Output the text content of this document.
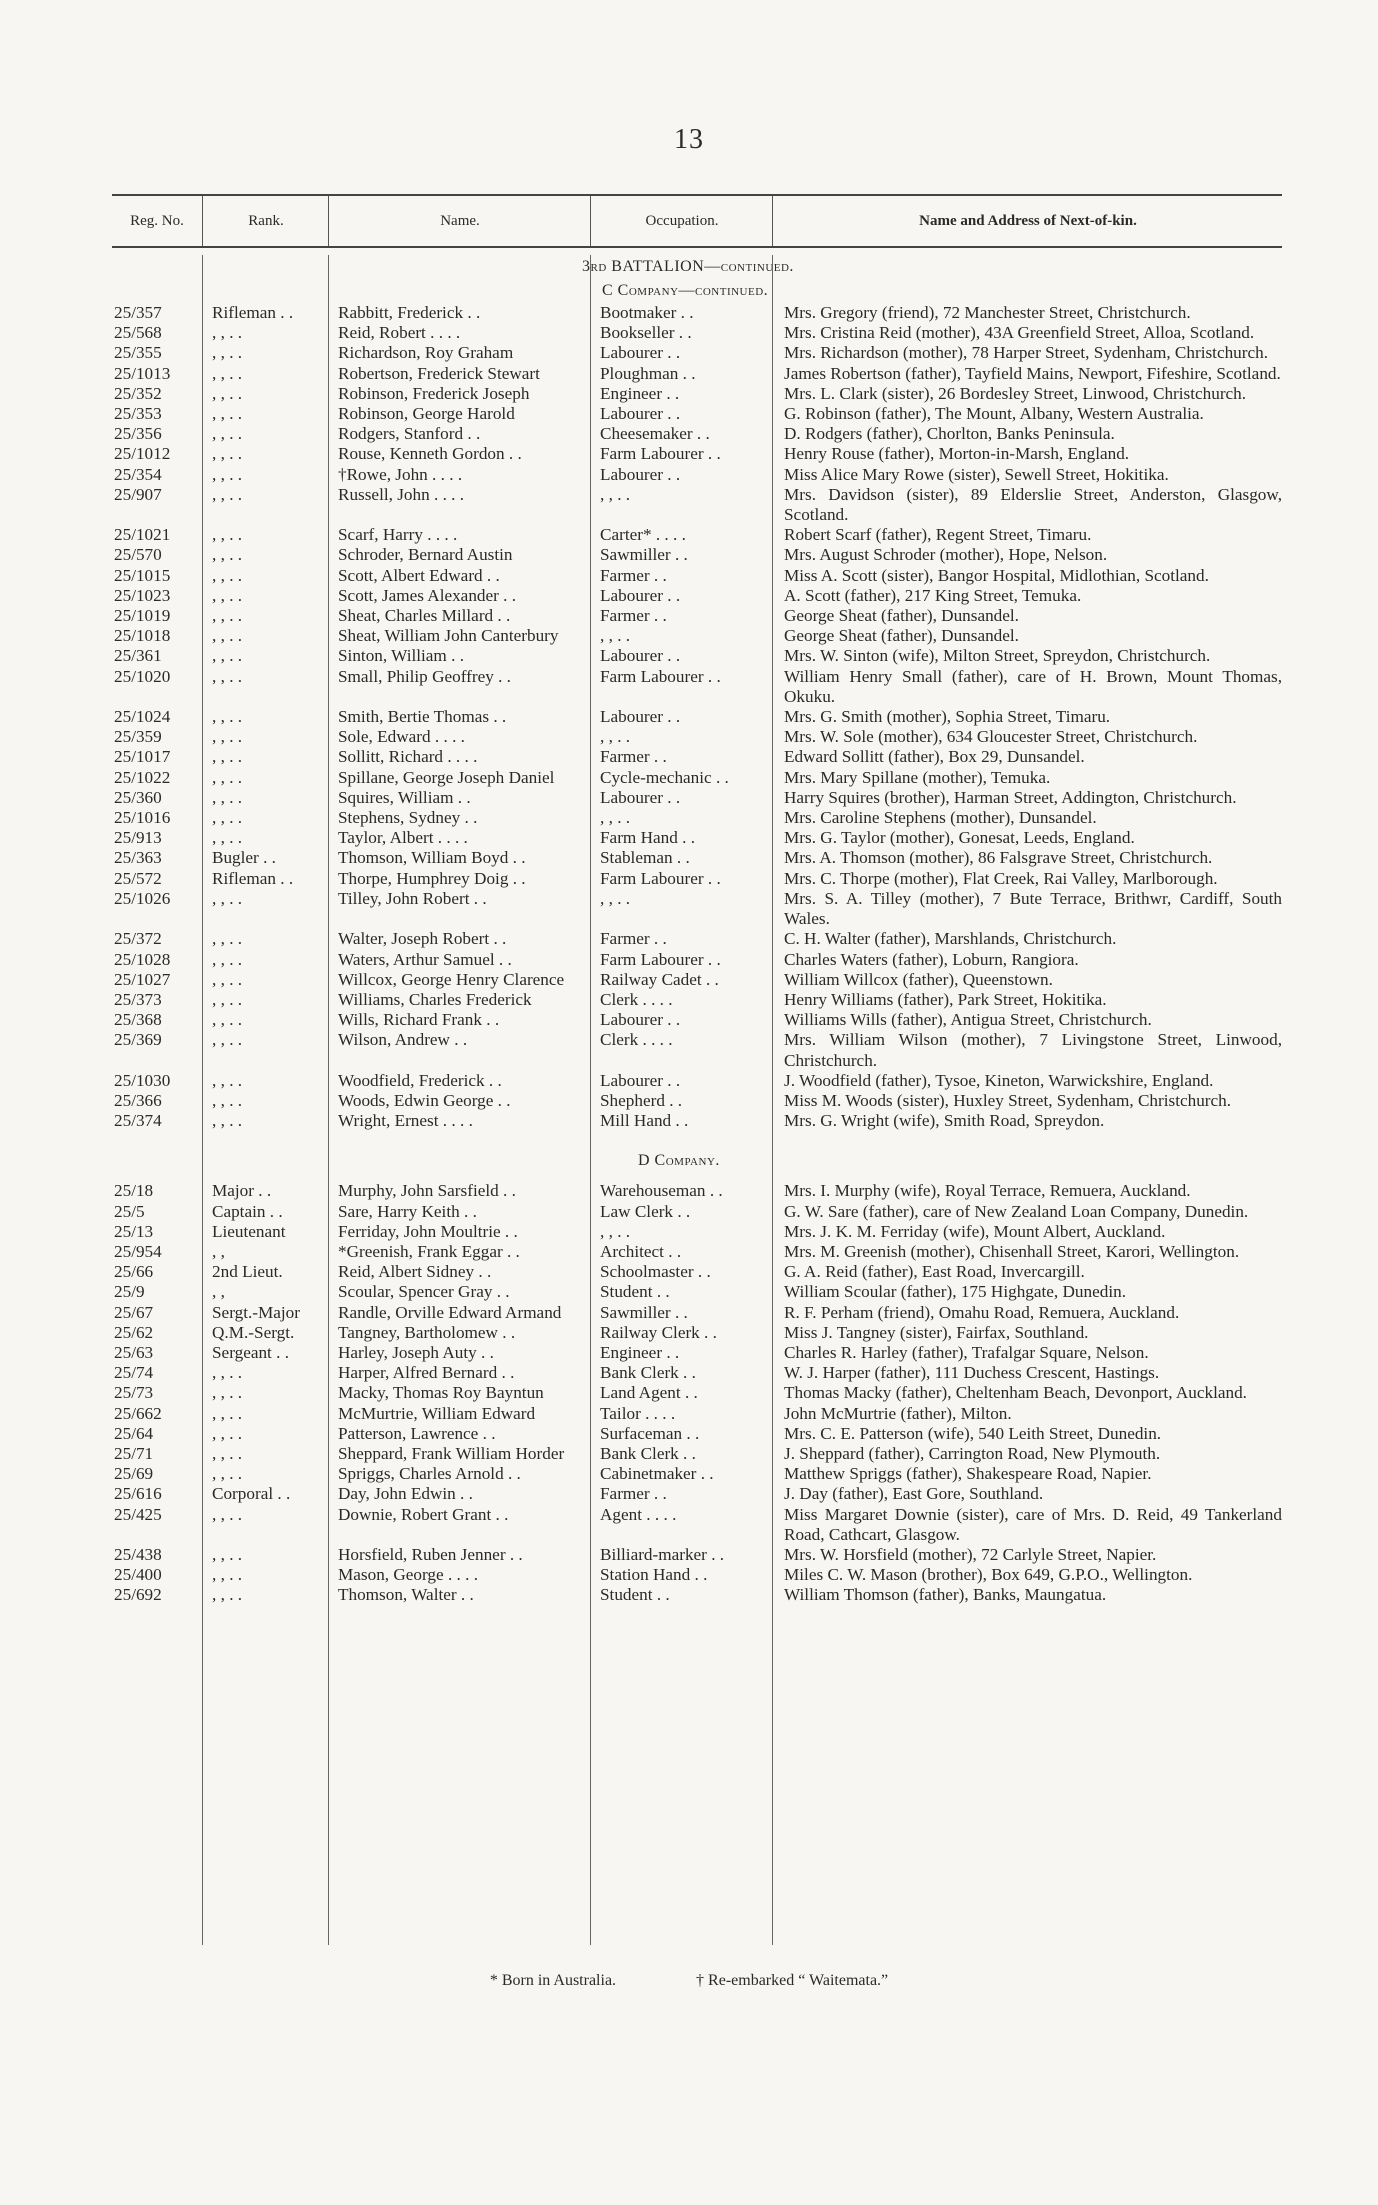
13
Reg. No.	Rank.	Name.	Occupation.	Name and Address of Next-of-kin.
3rd BATTALION—continued.
C Company—continued.
25/357	Rifleman . .	Rabbitt, Frederick . .	Bootmaker . .	Mrs. Gregory (friend), 72 Manchester Street, Christchurch.
25/568	, , . .	Reid, Robert . . . .	Bookseller . .	Mrs. Cristina Reid (mother), 43A Greenfield Street, Alloa, Scotland.
25/355	, , . .	Richardson, Roy Graham	Labourer . .	Mrs. Richardson (mother), 78 Harper Street, Sydenham, Christchurch.
25/1013	, , . .	Robertson, Frederick Stewart	Ploughman . .	James Robertson (father), Tayfield Mains, Newport, Fifeshire, Scotland.
25/352	, , . .	Robinson, Frederick Joseph	Engineer . .	Mrs. L. Clark (sister), 26 Bordesley Street, Linwood, Christchurch.
25/353	, , . .	Robinson, George Harold	Labourer . .	G. Robinson (father), The Mount, Albany, Western Australia.
25/356	, , . .	Rodgers, Stanford . .	Cheesemaker . .	D. Rodgers (father), Chorlton, Banks Peninsula.
25/1012	, , . .	Rouse, Kenneth Gordon . .	Farm Labourer . .	Henry Rouse (father), Morton-in-Marsh, England.
25/354	, , . .	†Rowe, John . . . .	Labourer . .	Miss Alice Mary Rowe (sister), Sewell Street, Hokitika.
25/907	, , . .	Russell, John . . . .	, , . .	Mrs. Davidson (sister), 89 Elderslie Street, Anderston, Glasgow, Scotland.
25/1021	, , . .	Scarf, Harry . . . .	Carter* . . . .	Robert Scarf (father), Regent Street, Timaru.
25/570	, , . .	Schroder, Bernard Austin	Sawmiller . .	Mrs. August Schroder (mother), Hope, Nelson.
25/1015	, , . .	Scott, Albert Edward . .	Farmer . .	Miss A. Scott (sister), Bangor Hospital, Midlothian, Scotland.
25/1023	, , . .	Scott, James Alexander . .	Labourer . .	A. Scott (father), 217 King Street, Temuka.
25/1019	, , . .	Sheat, Charles Millard . .	Farmer . .	George Sheat (father), Dunsandel.
25/1018	, , . .	Sheat, William John Canterbury	, , . .	George Sheat (father), Dunsandel.
25/361	, , . .	Sinton, William . .	Labourer . .	Mrs. W. Sinton (wife), Milton Street, Spreydon, Christchurch.
25/1020	, , . .	Small, Philip Geoffrey . .	Farm Labourer . .	William Henry Small (father), care of H. Brown, Mount Thomas, Okuku.
25/1024	, , . .	Smith, Bertie Thomas . .	Labourer . .	Mrs. G. Smith (mother), Sophia Street, Timaru.
25/359	, , . .	Sole, Edward . . . .	, , . .	Mrs. W. Sole (mother), 634 Gloucester Street, Christchurch.
25/1017	, , . .	Sollitt, Richard . . . .	Farmer . .	Edward Sollitt (father), Box 29, Dunsandel.
25/1022	, , . .	Spillane, George Joseph Daniel	Cycle-mechanic . .	Mrs. Mary Spillane (mother), Temuka.
25/360	, , . .	Squires, William . .	Labourer . .	Harry Squires (brother), Harman Street, Addington, Christchurch.
25/1016	, , . .	Stephens, Sydney . .	, , . .	Mrs. Caroline Stephens (mother), Dunsandel.
25/913	, , . .	Taylor, Albert . . . .	Farm Hand . .	Mrs. G. Taylor (mother), Gonesat, Leeds, England.
25/363	Bugler . .	Thomson, William Boyd . .	Stableman . .	Mrs. A. Thomson (mother), 86 Falsgrave Street, Christchurch.
25/572	Rifleman . .	Thorpe, Humphrey Doig . .	Farm Labourer . .	Mrs. C. Thorpe (mother), Flat Creek, Rai Valley, Marlborough.
25/1026	, , . .	Tilley, John Robert . .	, , . .	Mrs. S. A. Tilley (mother), 7 Bute Terrace, Brithwr, Cardiff, South Wales.
25/372	, , . .	Walter, Joseph Robert . .	Farmer . .	C. H. Walter (father), Marshlands, Christchurch.
25/1028	, , . .	Waters, Arthur Samuel . .	Farm Labourer . .	Charles Waters (father), Loburn, Rangiora.
25/1027	, , . .	Willcox, George Henry Clarence	Railway Cadet . .	William Willcox (father), Queenstown.
25/373	, , . .	Williams, Charles Frederick	Clerk . . . .	Henry Williams (father), Park Street, Hokitika.
25/368	, , . .	Wills, Richard Frank . .	Labourer . .	Williams Wills (father), Antigua Street, Christchurch.
25/369	, , . .	Wilson, Andrew . .	Clerk . . . .	Mrs. William Wilson (mother), 7 Livingstone Street, Linwood, Christchurch.
25/1030	, , . .	Woodfield, Frederick . .	Labourer . .	J. Woodfield (father), Tysoe, Kineton, Warwickshire, England.
25/366	, , . .	Woods, Edwin George . .	Shepherd . .	Miss M. Woods (sister), Huxley Street, Sydenham, Christchurch.
25/374	, , . .	Wright, Ernest . . . .	Mill Hand . .	Mrs. G. Wright (wife), Smith Road, Spreydon.
D Company.
25/18	Major . .	Murphy, John Sarsfield . .	Warehouseman . .	Mrs. I. Murphy (wife), Royal Terrace, Remuera, Auckland.
25/5	Captain . .	Sare, Harry Keith . .	Law Clerk . .	G. W. Sare (father), care of New Zealand Loan Company, Dunedin.
25/13	Lieutenant	Ferriday, John Moultrie . .	, , . .	Mrs. J. K. M. Ferriday (wife), Mount Albert, Auckland.
25/954	, ,	*Greenish, Frank Eggar . .	Architect . .	Mrs. M. Greenish (mother), Chisenhall Street, Karori, Wellington.
25/66	2nd Lieut.	Reid, Albert Sidney . .	Schoolmaster . .	G. A. Reid (father), East Road, Invercargill.
25/9	, ,	Scoular, Spencer Gray . .	Student . .	William Scoular (father), 175 Highgate, Dunedin.
25/67	Sergt.-Major	Randle, Orville Edward Armand	Sawmiller . .	R. F. Perham (friend), Omahu Road, Remuera, Auckland.
25/62	Q.M.-Sergt.	Tangney, Bartholomew . .	Railway Clerk . .	Miss J. Tangney (sister), Fairfax, Southland.
25/63	Sergeant . .	Harley, Joseph Auty . .	Engineer . .	Charles R. Harley (father), Trafalgar Square, Nelson.
25/74	, , . .	Harper, Alfred Bernard . .	Bank Clerk . .	W. J. Harper (father), 111 Duchess Crescent, Hastings.
25/73	, , . .	Macky, Thomas Roy Bayntun	Land Agent . .	Thomas Macky (father), Cheltenham Beach, Devonport, Auckland.
25/662	, , . .	McMurtrie, William Edward	Tailor . . . .	John McMurtrie (father), Milton.
25/64	, , . .	Patterson, Lawrence . .	Surfaceman . .	Mrs. C. E. Patterson (wife), 540 Leith Street, Dunedin.
25/71	, , . .	Sheppard, Frank William Horder	Bank Clerk . .	J. Sheppard (father), Carrington Road, New Plymouth.
25/69	, , . .	Spriggs, Charles Arnold . .	Cabinetmaker . .	Matthew Spriggs (father), Shakespeare Road, Napier.
25/616	Corporal . .	Day, John Edwin . .	Farmer . .	J. Day (father), East Gore, Southland.
25/425	, , . .	Downie, Robert Grant . .	Agent . . . .	Miss Margaret Downie (sister), care of Mrs. D. Reid, 49 Tankerland Road, Cathcart, Glasgow.
25/438	, , . .	Horsfield, Ruben Jenner . .	Billiard-marker . .	Mrs. W. Horsfield (mother), 72 Carlyle Street, Napier.
25/400	, , . .	Mason, George . . . .	Station Hand . .	Miles C. W. Mason (brother), Box 649, G.P.O., Wellington.
25/692	, , . .	Thomson, Walter . .	Student . .	William Thomson (father), Banks, Maungatua.
* Born in Australia.	† Re-embarked “ Waitemata.”
